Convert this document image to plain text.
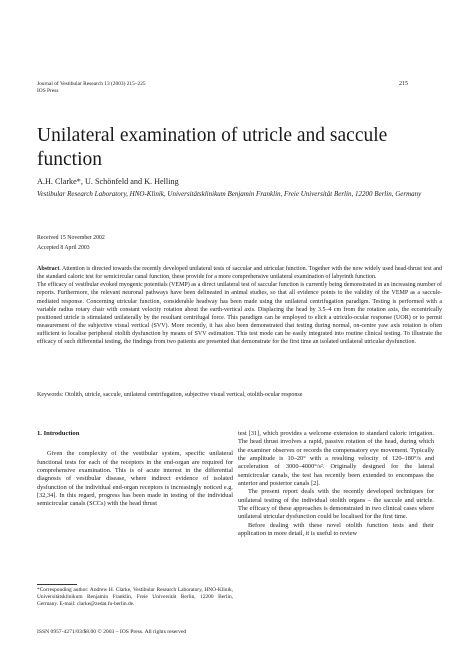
Journal of Vestibular Research 13 (2003) 215–225
IOS Press
215
Unilateral examination of utricle and saccule function
A.H. Clarke*, U. Schönfeld and K. Helling
Vestibular Research Laboratory, HNO-Klinik, Universitätsklinikum Benjamin Franklin, Freie Universität Berlin, 12200 Berlin, Germany
Received 15 November 2002
Accepted 8 April 2003

Abstract. Attention is directed towards the recently developed unilateral tests of saccular and utricular function. Together with the now widely used head-thrust test and the standard caloric test for semicircular canal function, these provide for a more comprehensive unilateral examination of labyrinth function.

The efficacy of vestibular evoked myogenic potentials (VEMP) as a direct unilateral test of saccular function is currently being demonstrated in an increasing number of reports. Furthermore, the relevant neuronal pathways have been delineated in animal studies, so that all evidence points to the validity of the VEMP as a saccule-mediated response. Concerning utricular function, considerable headway has been made using the unilateral centrifugation paradigm. Testing is performed with a variable radius rotary chair with constant velocity rotation about the earth-vertical axis. Displacing the head by 3.5–4 cm from the rotation axis, the eccentrically positioned utricle is stimulated unilaterally by the resultant centrifugal force. This paradigm can be employed to elicit a utriculo-ocular response (UOR) or to permit measurement of the subjective visual vertical (SVV). More recently, it has also been demonstrated that testing during normal, on-centre yaw axis rotation is often sufficient to localise peripheral otolith dysfunction by means of SVV estimation. This test mode can be easily integrated into routine clinical testing. To illustrate the efficacy of such differential testing, the findings from two patients are presented that demonstrate for the first time an isolated unilateral utricular dysfunction.

Keywords: Otolith, utricle, saccule, unilateral centrifugation, subjective visual vertical, otolith-ocular response
1. Introduction

Given the complexity of the vestibular system, specific unilateral functional tests for each of the receptors in the end-organ are required for comprehensive examination. This is of acute interest in the differential diagnosis of vestibular disease, where indirect evidence of isolated dysfunction of the individual end-organ receptors is increasingly noticed e.g. [32,34]. In this regard, progress has been made in testing of the individual semicircular canals (SCCs) with the head thrust

test [31], which provides a welcome extension to standard caloric irrigation. The head thrust involves a rapid, passive rotation of the head, during which the examiner observes or records the compensatory eye movement. Typically the amplitude is 10–20° with a resulting velocity of 120–180°/s and acceleration of 3000–4000°/s². Originally designed for the lateral semicircular canals, the test has recently been extended to encompass the anterior and posterior canals [2].

The present report deals with the recently developed techniques for unilateral testing of the individual otolith organs – the saccule and utricle. The efficacy of these approaches is demonstrated in two clinical cases where unilateral utricular dysfunction could be localised for the first time.

Before dealing with these novel otolith function tests and their application in more detail, it is useful to review

*Corresponding author: Andrew H. Clarke, Vestibular Research Laboratory, HNO-Klinik, Universitätsklinikum Benjamin Franklin, Freie Universität Berlin, 12200 Berlin, Germany. E-mail: clarke@zedat.fu-berlin.de.
ISSN 0957-4271/03/$8.00 © 2003 – IOS Press. All rights reserved
